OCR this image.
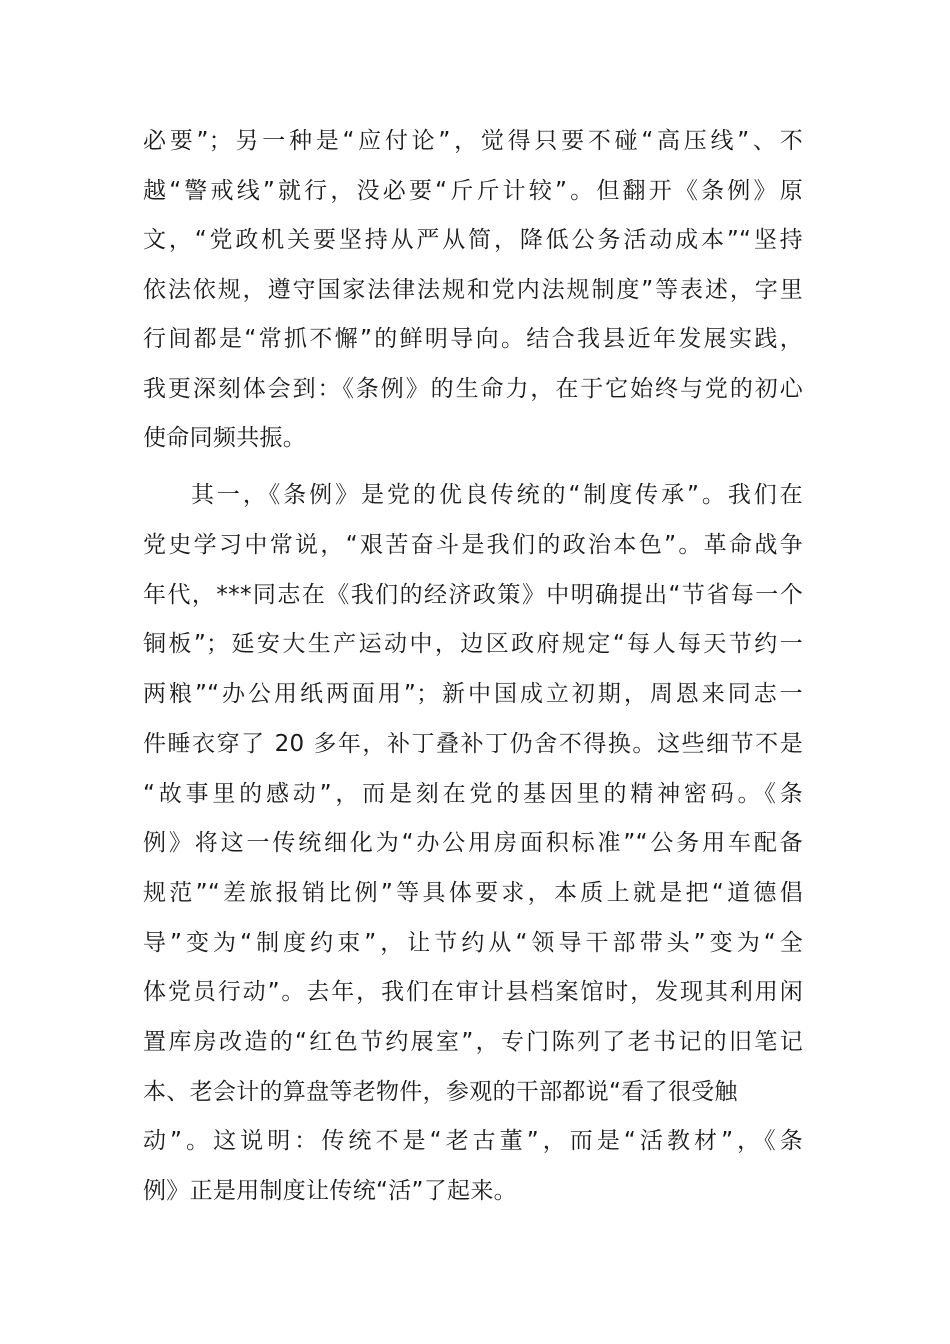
必要”；另一种是“应付论”，觉得只要不碰“高压线”、不
越“警戒线”就行，没必要“斤斤计较”。但翻开《条例》原
文，“党政机关要坚持从严从简，降低公务活动成本”“坚持
依法依规，遵守国家法律法规和党内法规制度”等表述，字里
行间都是“常抓不懈”的鲜明导向。结合我县近年发展实践，
我更深刻体会到：《条例》的生命力，在于它始终与党的初心
使命同频共振。
其一，《条例》是党的优良传统的“制度传承”。我们在
党史学习中常说，“艰苦奋斗是我们的政治本色”。革命战争
年代，***同志在《我们的经济政策》中明确提出“节省每一个
铜板”；延安大生产运动中，边区政府规定“每人每天节约一
两粮”“办公用纸两面用”；新中国成立初期，周恩来同志一
件睡衣穿了 20 多年，补丁叠补丁仍舍不得换。这些细节不是
“故事里的感动”，而是刻在党的基因里的精神密码。《条
例》将这一传统细化为“办公用房面积标准”“公务用车配备
规范”“差旅报销比例”等具体要求，本质上就是把“道德倡
导”变为“制度约束”，让节约从“领导干部带头”变为“全
体党员行动”。去年，我们在审计县档案馆时，发现其利用闲
置库房改造的“红色节约展室”，专门陈列了老书记的旧笔记
本、老会计的算盘等老物件，参观的干部都说“看了很受触
动”。这说明：传统不是“老古董”，而是“活教材”，《条
例》正是用制度让传统“活”了起来。
